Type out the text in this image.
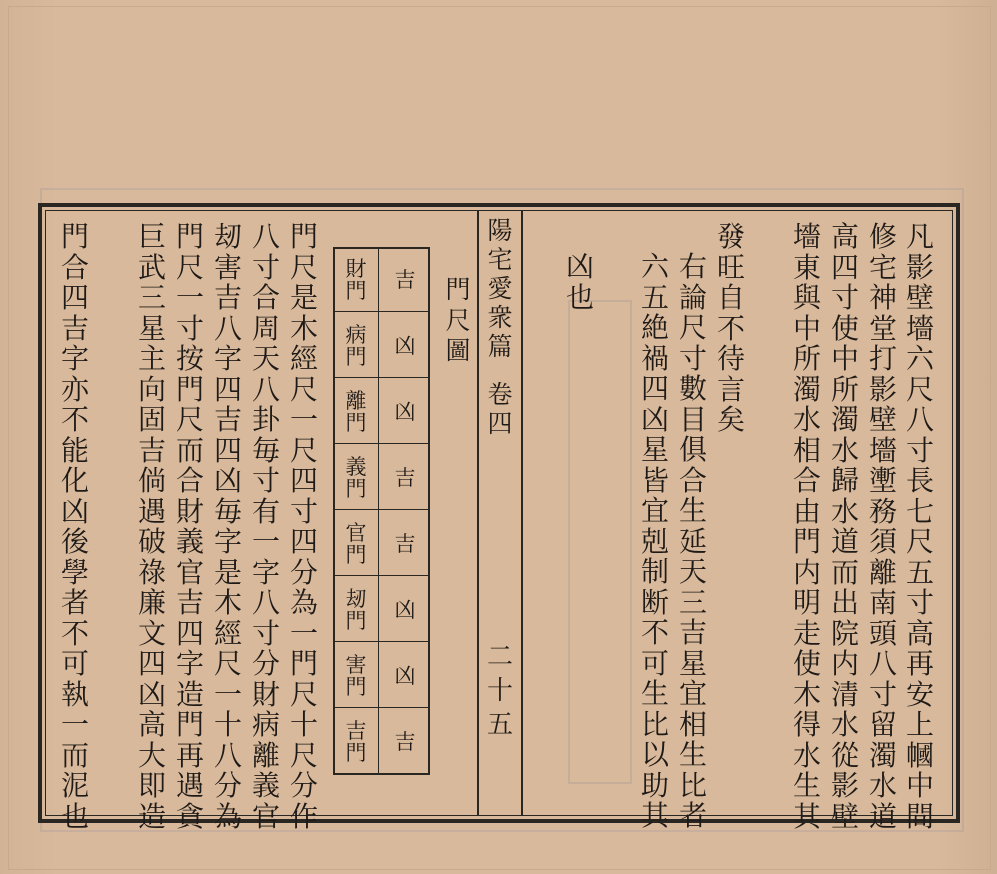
陽
宅
愛
衆
篇
卷
四
二
十
五
凡
影
壁
墻
六
尺
八
寸
長
七
尺
五
寸
高
再
安
上
幗
中
間
修
宅
神
堂
打
影
壁
墻
壍
務
須
離
南
頭
八
寸
留
濁
水
道
高
四
寸
使
中
所
濁
水
歸
水
道
而
出
院
内
清
水
從
影
壁
墻
東
與
中
所
濁
水
相
合
由
門
内
明
走
使
木
得
水
生
其
發
旺
自
不
待
言
矣
右
論
尺
寸
數
目
俱
合
生
延
天
三
吉
星
宜
相
生
比
者
六
五
絶
禍
四
凶
星
皆
宜
剋
制
断
不
可
生
比
以
助
其
凶
也
門
尺
圖
吉
財
門
凶
病
門
凶
離
門
吉
義
門
吉
官
門
凶
刼
門
凶
害
門
吉
吉
門
門
尺
是
木
經
尺
一
尺
四
寸
四
分
為
一
門
尺
十
尺
分
作
八
寸
合
周
天
八
卦
毎
寸
有
一
字
八
寸
分
財
病
離
義
官
刼
害
吉
八
字
四
吉
四
凶
毎
字
是
木
經
尺
一
十
八
分
為
門
尺
一
寸
按
門
尺
而
合
財
義
官
吉
四
字
造
門
再
遇
貪
巨
武
三
星
主
向
固
吉
倘
遇
破
祿
廉
文
四
凶
高
大
即
造
門
合
四
吉
字
亦
不
能
化
凶
後
學
者
不
可
執
一
而
泥
也
